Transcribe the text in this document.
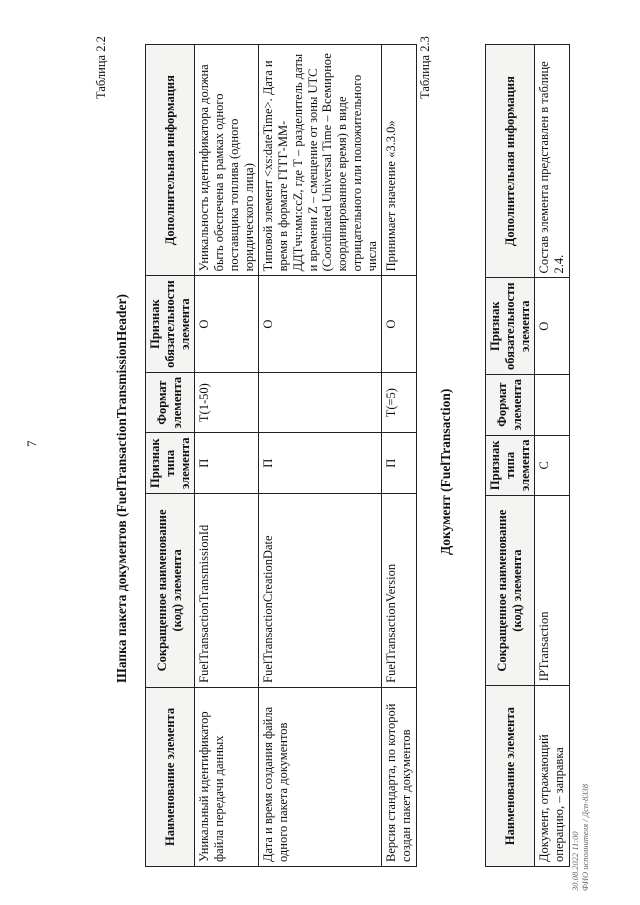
7
Таблица 2.2
Шапка пакета документов (FuelTransactionTransmissionHeader)
Наименование элемента	Сокращенное наименование (код) элемента	Признак типа элемента	Формат элемента	Признак обязательности элемента	Дополнительная информация
Уникальный идентификатор файла передачи данных	FuelTransactionTransmissionId	П	Т(1-50)	О	Уникальность идентификатора должна быть обеспечена в рамках одного поставщика топлива (одного юридического лица)
Дата и время создания файла одного пакета документов	FuelTransactionCreationDate	П		О	Типовой элемент <xs:dateTime>. Дата и время в формате ГГГГ-ММ-ДДТчч:мм:ссZ, где Т – разделитель даты и времени Z – смещение от зоны UTC (Coordinated Universal Time – Всемирное координированное время) в виде отрицательного или положительного числа
Версия стандарта, по которой создан пакет документов	FuelTransactionVersion	П	Т(=5)	О	Принимает значение «3.3.0»
Таблица 2.3
Документ (FuelTransaction)
Наименование элемента	Сокращенное наименование (код) элемента	Признак типа элемента	Формат элемента	Признак обязательности элемента	Дополнительная информация
Документ, отражающий операцию, – заправка	IPTransaction	С		О	Состав элемента представлен в таблице 2.4.
30.08.2022 11:00 ФИО исполнителя / Дсп-8338
